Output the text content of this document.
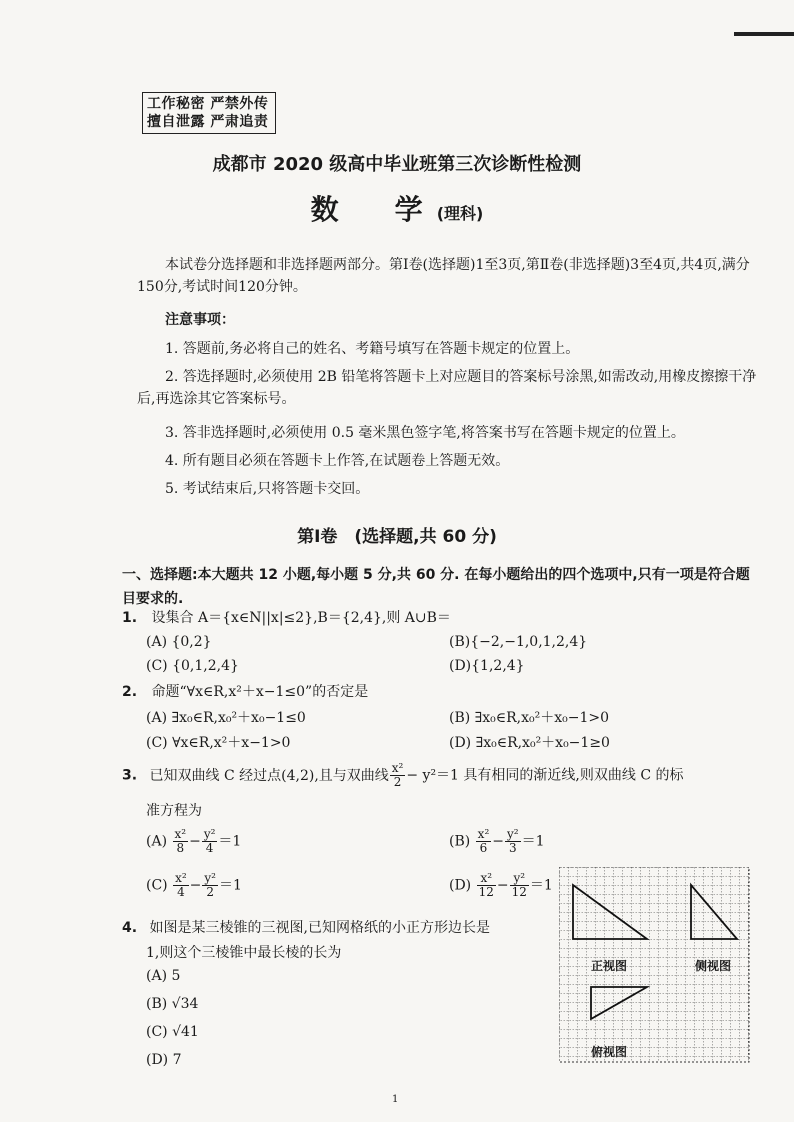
工作秘密 严禁外传
擅自泄露 严肃追责
成都市 2020 级高中毕业班第三次诊断性检测
数　学(理科)
本试卷分选择题和非选择题两部分。第Ⅰ卷(选择题)1至3页,第Ⅱ卷(非选择题)3至4页,共4页,满分150分,考试时间120分钟。
注意事项：
1. 答题前,务必将自己的姓名、考籍号填写在答题卡规定的位置上。
2. 答选择题时,必须使用 2B 铅笔将答题卡上对应题目的答案标号涂黑,如需改动,用橡皮擦擦干净后,再选涂其它答案标号。
3. 答非选择题时,必须使用 0.5 毫米黑色签字笔,将答案书写在答题卡规定的位置上。
4. 所有题目必须在答题卡上作答,在试题卷上答题无效。
5. 考试结束后,只将答题卡交回。
第Ⅰ卷　(选择题,共 60 分)
一、选择题:本大题共 12 小题,每小题 5 分,共 60 分. 在每小题给出的四个选项中,只有一项是符合题目要求的.
1. 设集合 A＝{x∈N||x|≤2},B＝{2,4},则 A∪B＝
(A) {0,2}	(B){−2,−1,0,1,2,4}
(C) {0,1,2,4}	(D){1,2,4}
2. 命题“∀x∈R,x²＋x−1≤0”的否定是
(A) ∃x₀∈R,x₀²＋x₀−1≤0	(B) ∃x₀∈R,x₀²＋x₀−1>0
(C) ∀x∈R,x²＋x−1>0	(D) ∃x₀∈R,x₀²＋x₀−1≥0
3. 已知双曲线 C 经过点(4,2),且与双曲线 $\frac{\text{x²}}{2} - y^2=1$ 具有相同的渐近线,则双曲线 C 的标
准方程为
$(A) \frac{\text{x²}}{8} - \frac{\text{y²}}{4} =1$	$(B) \frac{\text{x²}}{6} - \frac{\text{y²}}{3} =1$
$(C) \frac{\text{x²}}{4} - \frac{\text{y²}}{2} =1$	$(D) \frac{\text{x²}}{12} - \frac{\text{y²}}{12} =1$
4. 如图是某三棱锥的三视图,已知网格纸的小正方形边长是
1,则这个三棱锥中最长棱的长为
(A) 5
(B) √34
(C) √41
(D) 7
正视图	侧视图
俯视图
1
